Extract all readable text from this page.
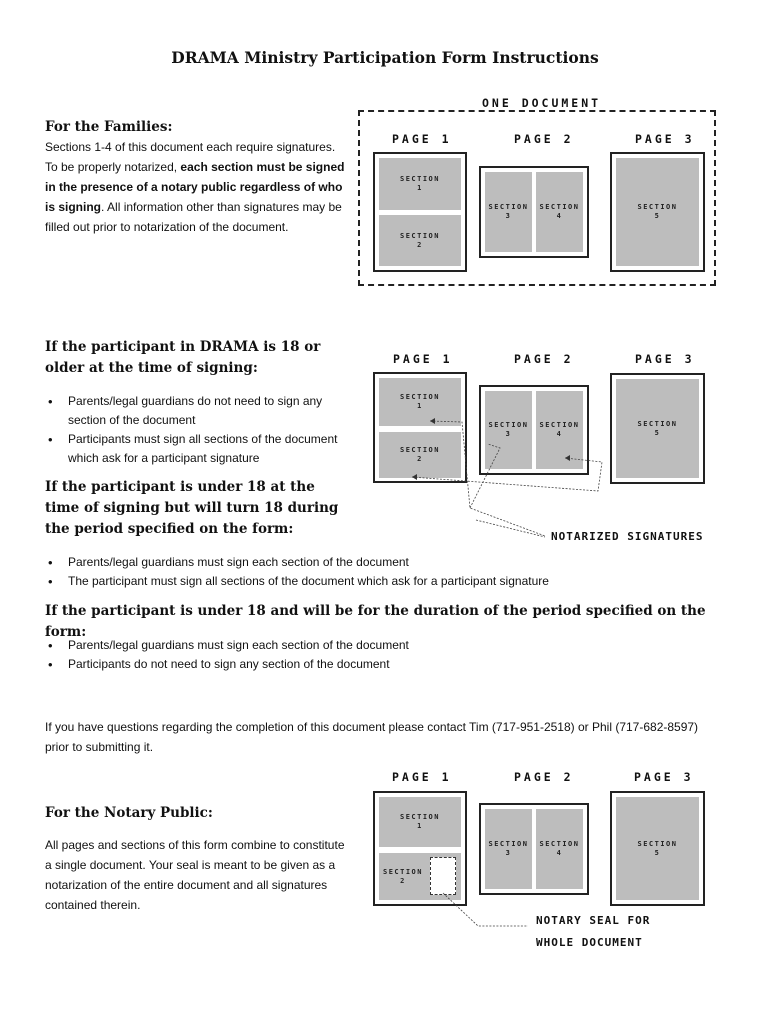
DRAMA Ministry Participation Form Instructions
For the Families:
Sections 1-4 of this document each require signatures. To be properly notarized, each section must be signed in the presence of a notary public regardless of who is signing. All information other than signatures may be filled out prior to notarization of the document.
ONE DOCUMENT
PAGE 1	PAGE 2	PAGE 3
SECTION
1
SECTION
2
SECTION
3
SECTION
4
SECTION
5
If the participant in DRAMA is 18 or older at the time of signing:
• Parents/legal guardians do not need to sign any section of the document
• Participants must sign all sections of the document which ask for a participant signature
PAGE 1	PAGE 2	PAGE 3
SECTION
1
SECTION
2
SECTION
3
SECTION
4
SECTION
5
NOTARIZED SIGNATURES
If the participant is under 18 at the time of signing but will turn 18 during the period specified on the form:
• Parents/legal guardians must sign each section of the document
• The participant must sign all sections of the document which ask for a participant signature
If the participant is under 18 and will be for the duration of the period specified on the form:
• Parents/legal guardians must sign each section of the document
• Participants do not need to sign any section of the document
If you have questions regarding the completion of this document please contact Tim (717-951-2518) or Phil (717-682-8597) prior to submitting it.
For the Notary Public:
All pages and sections of this form combine to constitute a single document. Your seal is meant to be given as a notarization of the entire document and all signatures contained therein.
PAGE 1	PAGE 2	PAGE 3
SECTION
1
SECTION
2
SECTION
3
SECTION
4
SECTION
5
NOTARY SEAL FOR
WHOLE DOCUMENT
